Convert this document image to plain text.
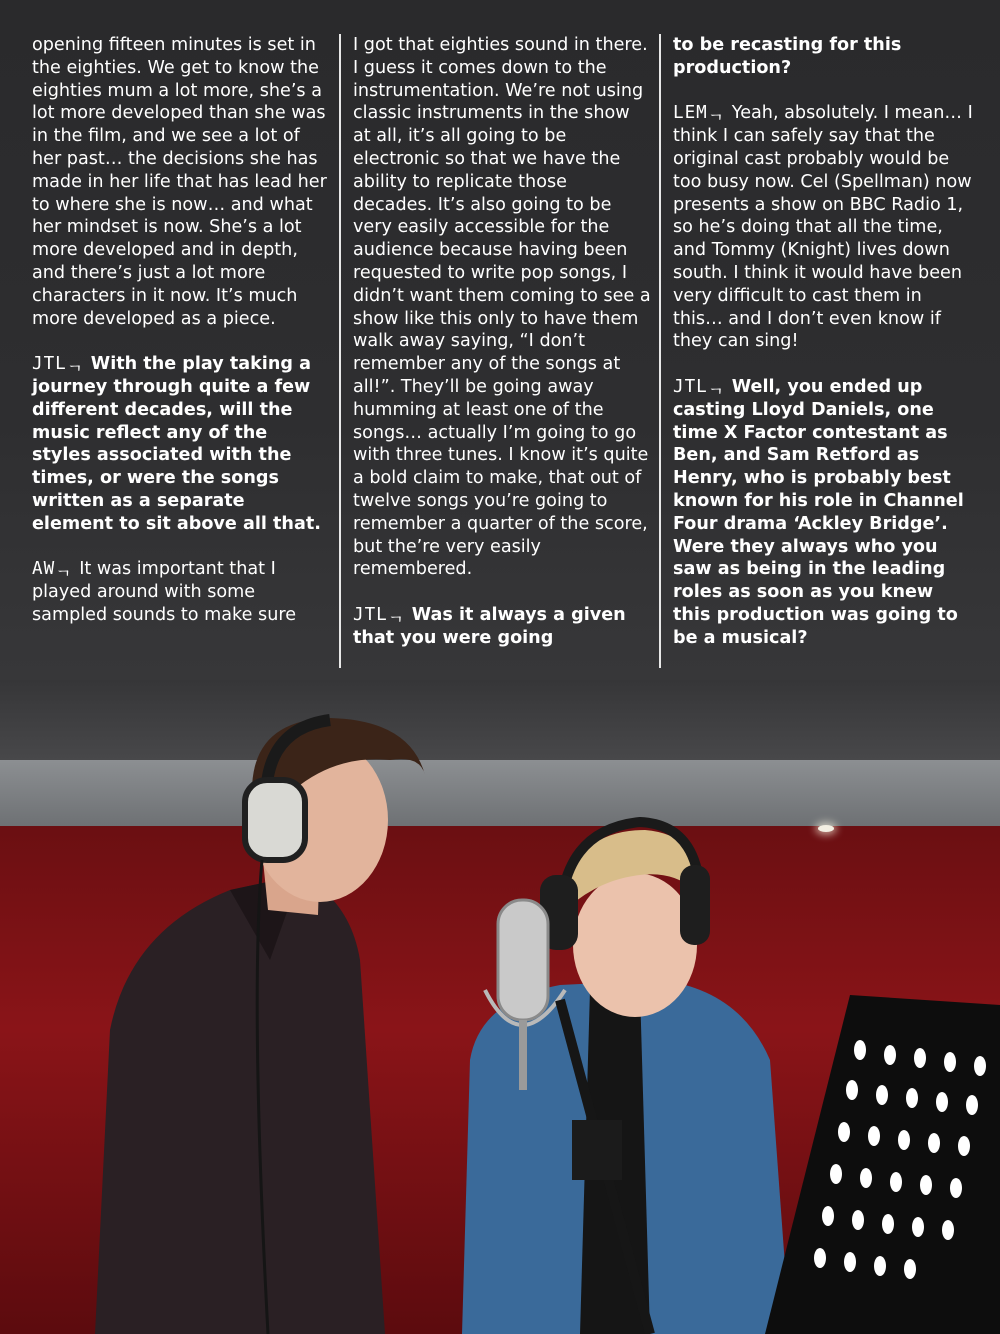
opening fifteen minutes is set in the eighties. We get to know the eighties mum a lot more, she’s a lot more developed than she was in the film, and we see a lot of her past… the decisions she has made in her life that has lead her to where she is now… and what her mindset is now. She’s a lot more developed and in depth, and there’s just a lot more characters in it now. It’s much more developed as a piece.

JTLᆨ With the play taking a journey through quite a few different decades, will the music reflect any of the styles associated with the times, or were the songs written as a separate element to sit above all that.

AWᆨ It was important that I played around with some sampled sounds to make sure

I got that eighties sound in there. I guess it comes down to the instrumentation. We’re not using classic instruments in the show at all, it’s all going to be electronic so that we have the ability to replicate those decades. It’s also going to be very easily accessible for the audience because having been requested to write pop songs, I didn’t want them coming to see a show like this only to have them walk away saying, “I don’t remember any of the songs at all!”. They’ll be going away humming at least one of the songs… actually I’m going to go with three tunes. I know it’s quite a bold claim to make, that out of twelve songs you’re going to remember a quarter of the score, but the’re very easily remembered.

JTLᆨ Was it always a given that you were going

to be recasting for this production?

LEMᆨ Yeah, absolutely. I mean… I think I can safely say that the original cast probably would be too busy now. Cel (Spellman) now presents a show on BBC Radio 1, so he’s doing that all the time, and Tommy (Knight) lives down south. I think it would have been very difficult to cast them in this… and I don’t even know if they can sing!

JTLᆨ Well, you ended up casting Lloyd Daniels, one time X Factor contestant as Ben, and Sam Retford as Henry, who is probably best known for his role in Channel Four drama ‘Ackley Bridge’. Were they always who you saw as being in the leading roles as soon as you knew this production was going to be a musical?
